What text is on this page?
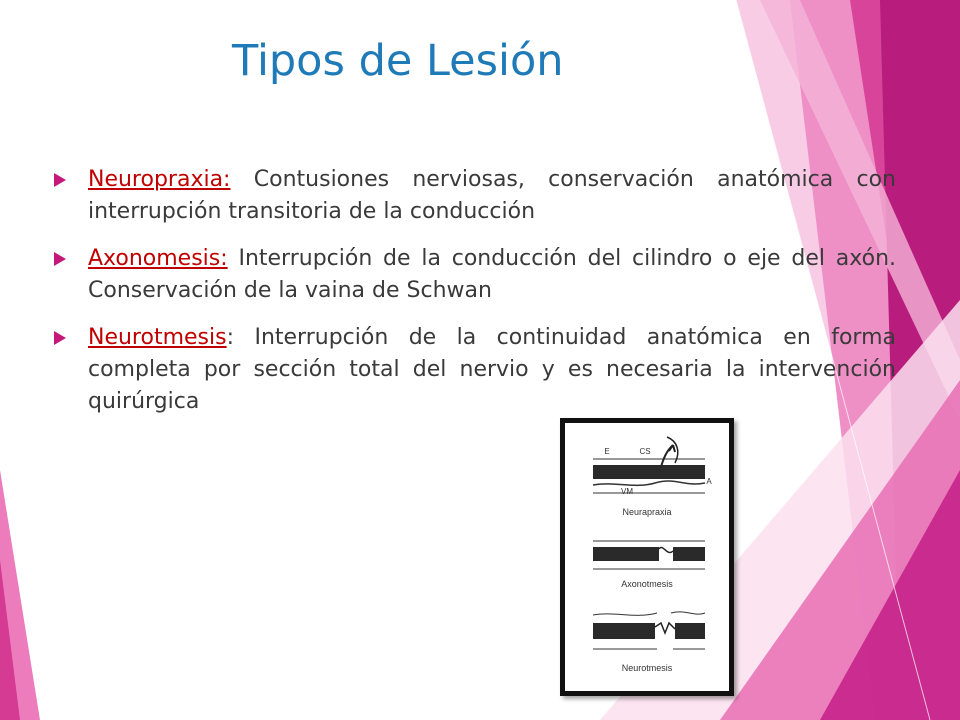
Tipos de Lesión
Neuropraxia: Contusiones nerviosas, conservación anatómica con interrupción transitoria de la conducción
Axonomesis: Interrupción de la conducción del cilindro o eje del axón. Conservación de la vaina de Schwan
Neurotmesis: Interrupción de la continuidad anatómica en forma completa por sección total del nervio y es necesaria la intervención quirúrgica
E	CS
A
VM
Neurapraxia
Axonotmesis
Neurotmesis
